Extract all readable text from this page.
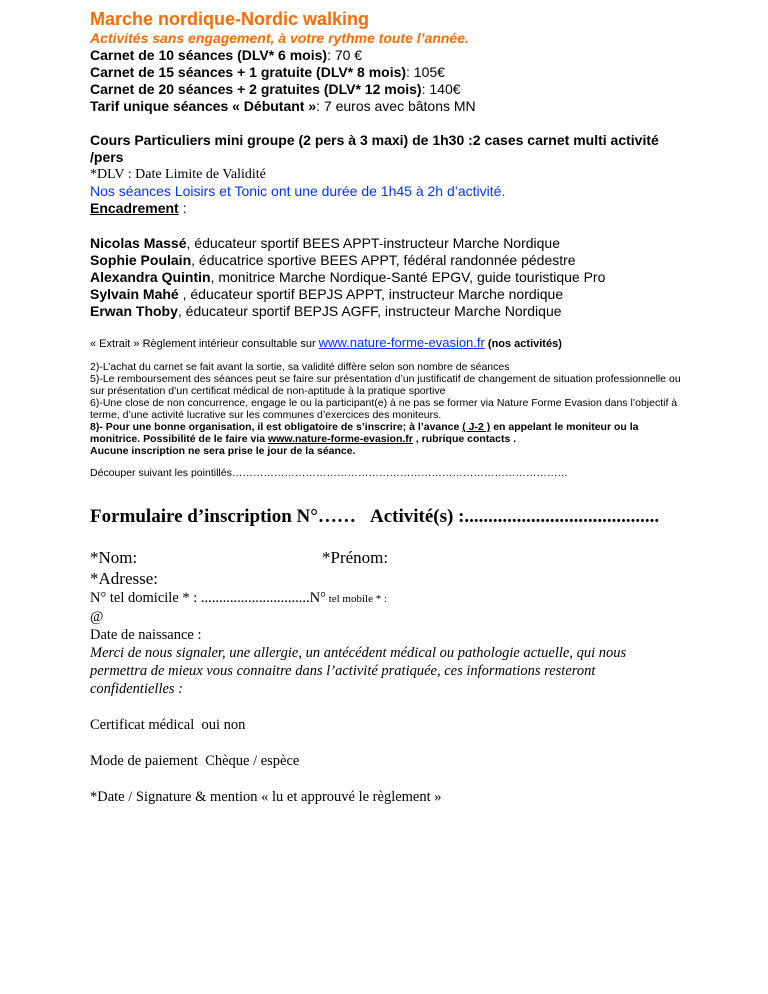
Marche nordique-Nordic walking

Activités sans engagement, à votre rythme toute l’année.

Carnet de 10 séances (DLV* 6 mois): 70 €

Carnet de 15 séances + 1 gratuite (DLV* 8 mois): 105€

Carnet de 20 séances + 2 gratuites (DLV* 12 mois): 140€

Tarif unique séances « Débutant »: 7 euros avec bâtons MN

Cours Particuliers mini groupe (2 pers à 3 maxi) de 1h30 :2 cases carnet multi activité /pers

*DLV : Date Limite de Validité

Nos séances Loisirs et Tonic ont une durée de 1h45 à 2h d’activité.

Encadrement :

Nicolas Massé, éducateur sportif BEES APPT-instructeur Marche Nordique

Sophie Poulain, éducatrice sportive BEES APPT, fédéral randonnée pédestre

Alexandra Quintin, monitrice Marche Nordique-Santé EPGV, guide touristique Pro

Sylvain Mahé , éducateur sportif BEPJS APPT, instructeur Marche nordique

Erwan Thoby, éducateur sportif BEPJS AGFF, instructeur Marche Nordique

« Extrait » Règlement intérieur consultable sur www.nature-forme-evasion.fr (nos activités)

2)-L’achat du carnet se fait avant la sortie, sa validité diffère selon son nombre de séances

5)-Le remboursement des séances peut se faire sur présentation d’un justificatif de changement de situation professionnelle ou sur présentation d’un certificat médical de non-aptitude à la pratique sportive

6)-Une close de non concurrence, engage le ou la participant(e) à ne pas se former via Nature Forme Evasion dans l’objectif à terme, d’une activité lucrative sur les communes d’exercices des moniteurs.

8)- Pour une bonne organisation, il est obligatoire de s’inscrire; à l’avance ( J-2 ) en appelant le moniteur ou la monitrice. Possibilité de le faire via www.nature-forme-evasion.fr , rubrique contacts .

Aucune inscription ne sera prise le jour de la séance.

Découper suivant les pointillés……………………………………………………………………………………

Formulaire d’inscription N°…… Activité(s) :.........................................
*Nom:	*Prénom:

*Adresse:

N° tel domicile * : ..............................N° tel mobile * :

@

Date de naissance :

Merci de nous signaler, une allergie, un antécédent médical ou pathologie actuelle, qui nous permettra de mieux vous connaitre dans l’activité pratiquée, ces informations resteront confidentielles :

Certificat médical  oui non

Mode de paiement  Chèque / espèce

*Date / Signature & mention « lu et approuvé le règlement »
